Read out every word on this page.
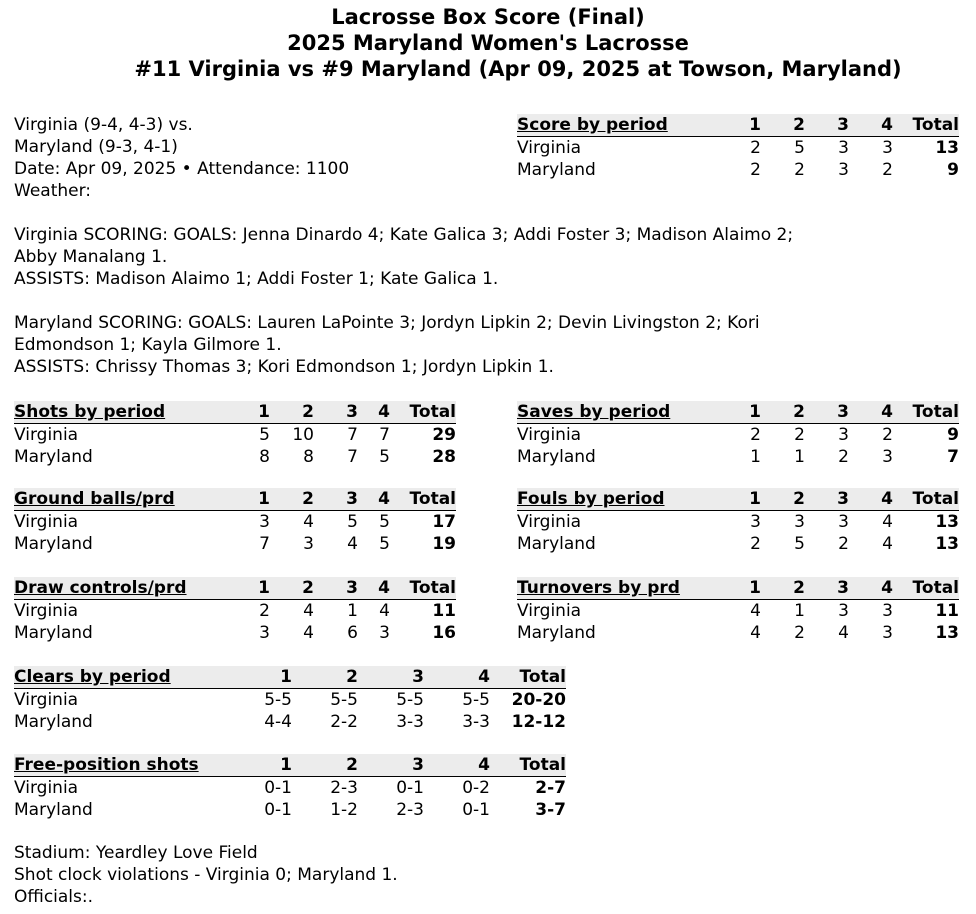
Lacrosse Box Score (Final)
2025 Maryland Women's Lacrosse
#11 Virginia vs #9 Maryland (Apr 09, 2025 at Towson, Maryland)
Virginia (9-4, 4-3) vs.
Maryland (9-3, 4-1)
Date: Apr 09, 2025 • Attendance: 1100
Weather:
Score by period	1	2	3	4	Total
Virginia	2	5	3	3	13
Maryland	2	2	3	2	9
Virginia SCORING: GOALS: Jenna Dinardo 4; Kate Galica 3; Addi Foster 3; Madison Alaimo 2; Abby Manalang 1.
ASSISTS: Madison Alaimo 1; Addi Foster 1; Kate Galica 1.
Maryland SCORING: GOALS: Lauren LaPointe 3; Jordyn Lipkin 2; Devin Livingston 2; Kori Edmondson 1; Kayla Gilmore 1.
ASSISTS: Chrissy Thomas 3; Kori Edmondson 1; Jordyn Lipkin 1.
Shots by period	1	2	3	4	Total
Virginia	5	10	7	7	29
Maryland	8	8	7	5	28
Saves by period	1	2	3	4	Total
Virginia	2	2	3	2	9
Maryland	1	1	2	3	7
Ground balls/prd	1	2	3	4	Total
Virginia	3	4	5	5	17
Maryland	7	3	4	5	19
Fouls by period	1	2	3	4	Total
Virginia	3	3	3	4	13
Maryland	2	5	2	4	13
Draw controls/prd	1	2	3	4	Total
Virginia	2	4	1	4	11
Maryland	3	4	6	3	16
Turnovers by prd	1	2	3	4	Total
Virginia	4	1	3	3	11
Maryland	4	2	4	3	13
Clears by period	1	2	3	4	Total
Virginia	5-5	5-5	5-5	5-5	20-20
Maryland	4-4	2-2	3-3	3-3	12-12
Free-position shots	1	2	3	4	Total
Virginia	0-1	2-3	0-1	0-2	2-7
Maryland	0-1	1-2	2-3	0-1	3-7
Stadium: Yeardley Love Field
Shot clock violations - Virginia 0; Maryland 1.
Officials:.
